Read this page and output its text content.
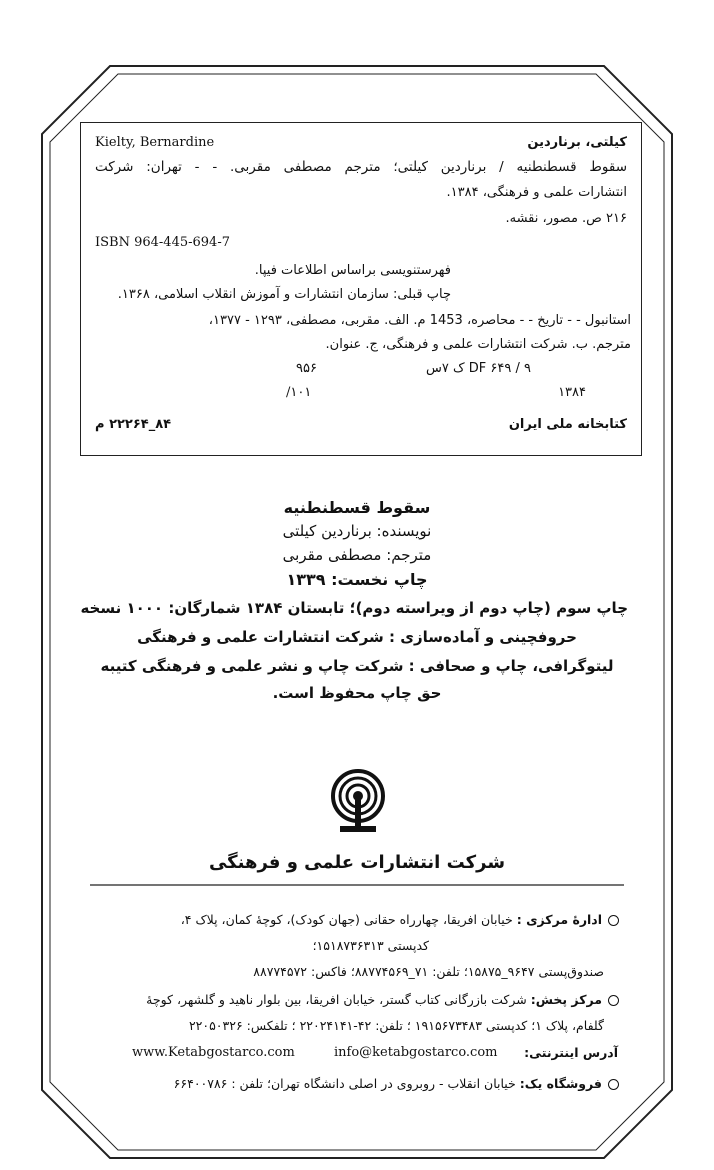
Kielty, Bernardine	کیلتی، برناردین
سقوط قسطنطنیه / برناردین کیلتی؛ مترجم مصطفی مقربی. - - تهران: شرکت
انتشارات علمی و فرهنگی، ۱۳۸۴.
۲۱۶ ص. مصور، نقشه.
ISBN 964-445-694-7
فهرستنویسی براساس اطلاعات فیپا.
چاپ قبلی: سازمان انتشارات و آموزش انقلاب اسلامی، ۱۳۶۸.
استانبول - - تاریخ - - محاصره، 1453 م. الف. مقربی، مصطفی، ۱۲۹۳ - ۱۳۷۷،
مترجم. ب. شرکت انتشارات علمی و فرهنگی، ج. عنوان.
۹۵۶	DF ۶۴۹ / ۹ ک ۷س
/۱۰۱	۱۳۸۴
کتابخانه ملی ایران
۸۴_۲۲۲۶۴ م
سقوط قسطنطنیه
نویسنده: برناردین کیلتی
مترجم: مصطفی مقربی
چاپ نخست: ۱۳۳۹
چاپ سوم (چاپ دوم از ویراسته دوم)؛ تابستان ۱۳۸۴ شمارگان: ۱۰۰۰ نسخه
حروفچینی و آماده‌سازی : شرکت انتشارات علمی و فرهنگی
لیتوگرافی، چاپ و صحافی : شرکت چاپ و نشر علمی و فرهنگی کتیبه
حق چاپ محفوظ است.
شرکت انتشارات علمی و فرهنگی
ادارهٔ مرکزی : خیابان افریقا، چهارراه حقانی (جهان کودک)، کوچهٔ کمان، پلاک ۴،
کدپستی ۱۵۱۸۷۳۶۳۱۳؛
صندوق‌پستی ۹۶۴۷_۱۵۸۷۵؛ تلفن: ۷۱_۸۸۷۷۴۵۶۹؛ فاکس: ۸۸۷۷۴۵۷۲
مرکز پخش: شرکت بازرگانی کتاب گستر، خیابان افریقا، بین بلوار ناهید و گلشهر، کوچهٔ
گلفام، پلاک ۱؛ کدپستی ۱۹۱۵۶۷۳۴۸۳ ؛ تلفن: ۴۲-۲۲۰۲۴۱۴۱ ؛ تلفکس: ۲۲۰۵۰۳۲۶
آدرس اینترنتی:
info@ketabgostarco.com
www.Ketabgostarco.com
فروشگاه یک: خیابان انقلاب - روبروی در اصلی دانشگاه تهران؛ تلفن : ۶۶۴۰۰۷۸۶
